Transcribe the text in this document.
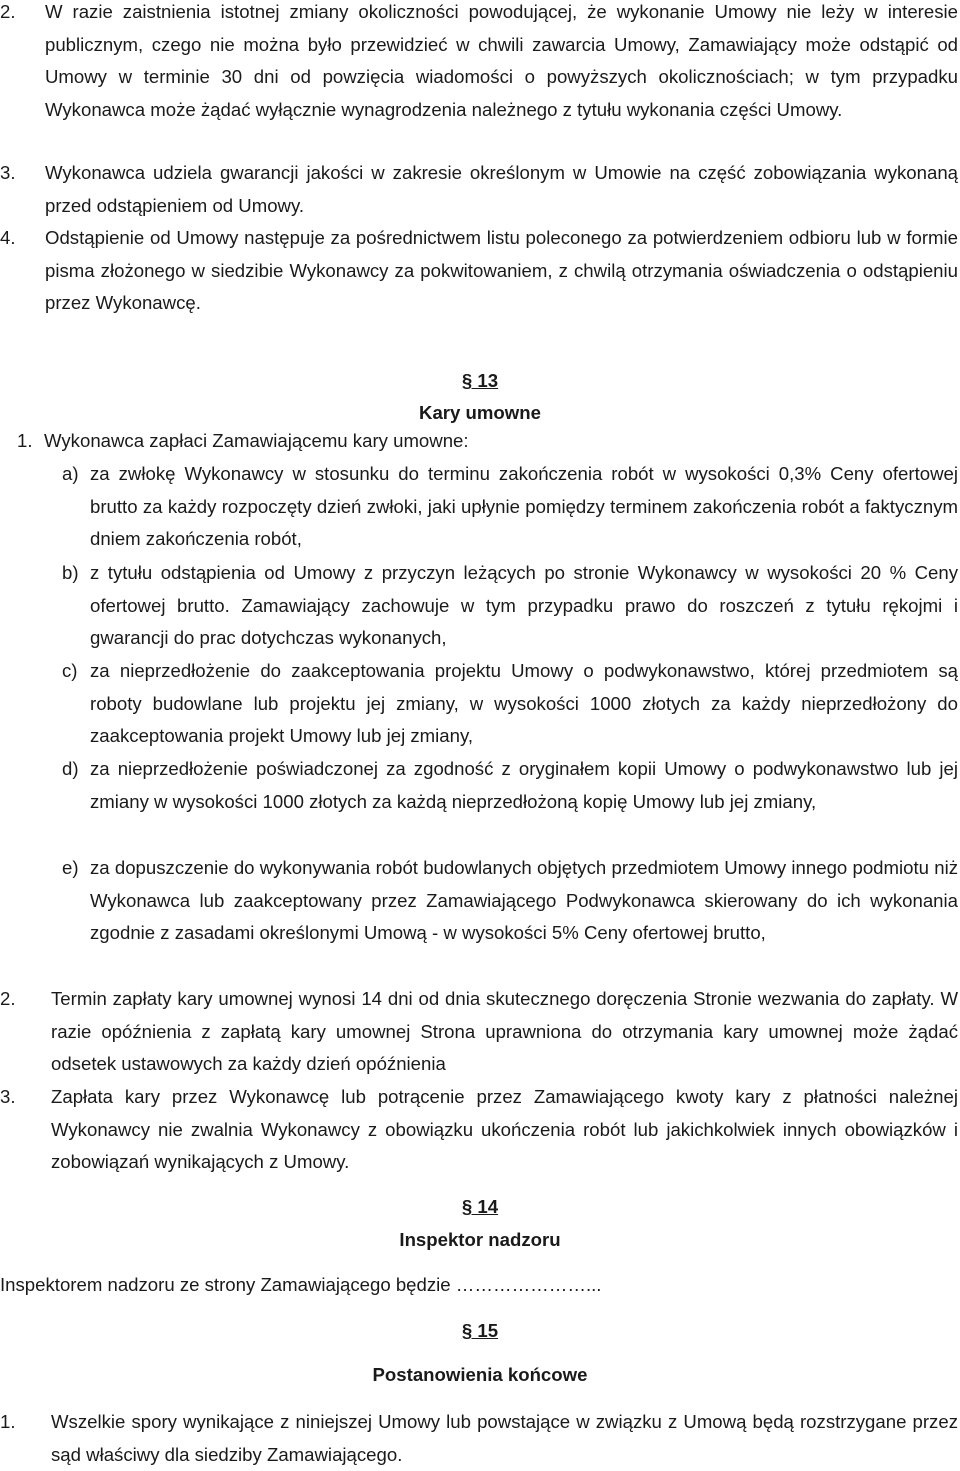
2. W razie zaistnienia istotnej zmiany okoliczności powodującej, że wykonanie Umowy nie leży w interesie publicznym, czego nie można było przewidzieć w chwili zawarcia Umowy, Zamawiający może odstąpić od Umowy w terminie 30 dni od powzięcia wiadomości o powyższych okolicznościach; w tym przypadku Wykonawca może żądać wyłącznie wynagrodzenia należnego z tytułu wykonania części Umowy.
3. Wykonawca udziela gwarancji jakości w zakresie określonym w Umowie na część zobowiązania wykonaną przed odstąpieniem od Umowy.
4. Odstąpienie od Umowy następuje za pośrednictwem listu poleconego za potwierdzeniem odbioru lub w formie pisma złożonego w siedzibie Wykonawcy za pokwitowaniem, z chwilą otrzymania oświadczenia o odstąpieniu przez Wykonawcę.
§ 13
Kary umowne
1. Wykonawca zapłaci Zamawiającemu kary umowne:
a) za zwłokę Wykonawcy w stosunku do terminu zakończenia robót w wysokości 0,3% Ceny ofertowej brutto za każdy rozpoczęty dzień zwłoki, jaki upłynie pomiędzy terminem zakończenia robót a faktycznym dniem zakończenia robót,
b) z tytułu odstąpienia od Umowy z przyczyn leżących po stronie Wykonawcy w wysokości 20 % Ceny ofertowej brutto. Zamawiający zachowuje w tym przypadku prawo do roszczeń z tytułu rękojmi i gwarancji do prac dotychczas wykonanych,
c) za nieprzedłożenie do zaakceptowania projektu Umowy o podwykonawstwo, której przedmiotem są roboty budowlane lub projektu jej zmiany, w wysokości 1000 złotych za każdy nieprzedłożony do zaakceptowania projekt Umowy lub jej zmiany,
d) za nieprzedłożenie poświadczonej za zgodność z oryginałem kopii Umowy o podwykonawstwo lub jej zmiany w wysokości 1000 złotych za każdą nieprzedłożoną kopię Umowy lub jej zmiany,
e) za dopuszczenie do wykonywania robót budowlanych objętych przedmiotem Umowy innego podmiotu niż Wykonawca lub zaakceptowany przez Zamawiającego Podwykonawca skierowany do ich wykonania zgodnie z zasadami określonymi Umową - w wysokości 5% Ceny ofertowej brutto,
2. Termin zapłaty kary umownej wynosi 14 dni od dnia skutecznego doręczenia Stronie wezwania do zapłaty. W razie opóźnienia z zapłatą kary umownej Strona uprawniona do otrzymania kary umownej może żądać odsetek ustawowych za każdy dzień opóźnienia
3. Zapłata kary przez Wykonawcę lub potrącenie przez Zamawiającego kwoty kary z płatności należnej Wykonawcy nie zwalnia Wykonawcy z obowiązku ukończenia robót lub jakichkolwiek innych obowiązków i zobowiązań wynikających z Umowy.
§ 14
Inspektor nadzoru
Inspektorem nadzoru ze strony Zamawiającego będzie …………………...
§ 15
Postanowienia końcowe
1. Wszelkie spory wynikające z niniejszej Umowy lub powstające w związku z Umową będą rozstrzygane przez sąd właściwy dla siedziby Zamawiającego.
